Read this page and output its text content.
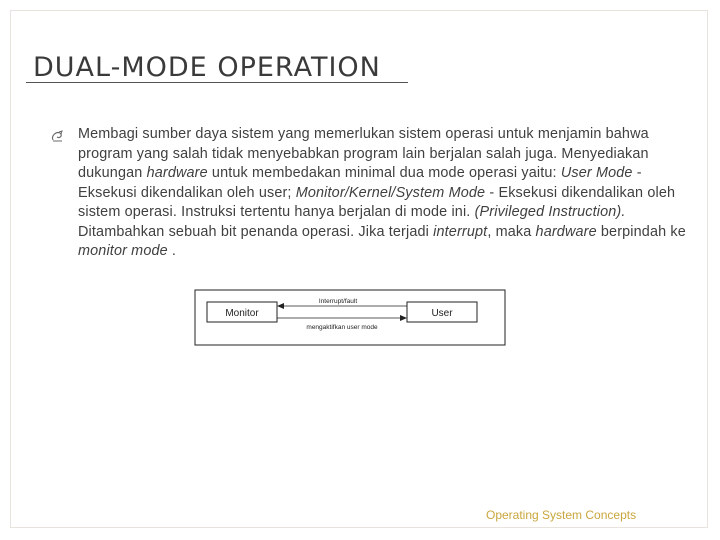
DUAL-MODE OPERATION
Membagi sumber daya sistem yang memerlukan sistem operasi untuk menjamin bahwa program yang salah tidak menyebabkan program lain berjalan salah juga. Menyediakan dukungan hardware untuk membedakan minimal dua mode operasi yaitu: User Mode - Eksekusi dikendalikan oleh user; Monitor/Kernel/System Mode - Eksekusi dikendalikan oleh sistem operasi. Instruksi tertentu hanya berjalan di mode ini. (Privileged Instruction). Ditambahkan sebuah bit penanda operasi. Jika terjadi interrupt, maka hardware berpindah ke monitor mode .
Monitor	User
Interrupt/fault
mengaktifkan user mode
Operating System Concepts
